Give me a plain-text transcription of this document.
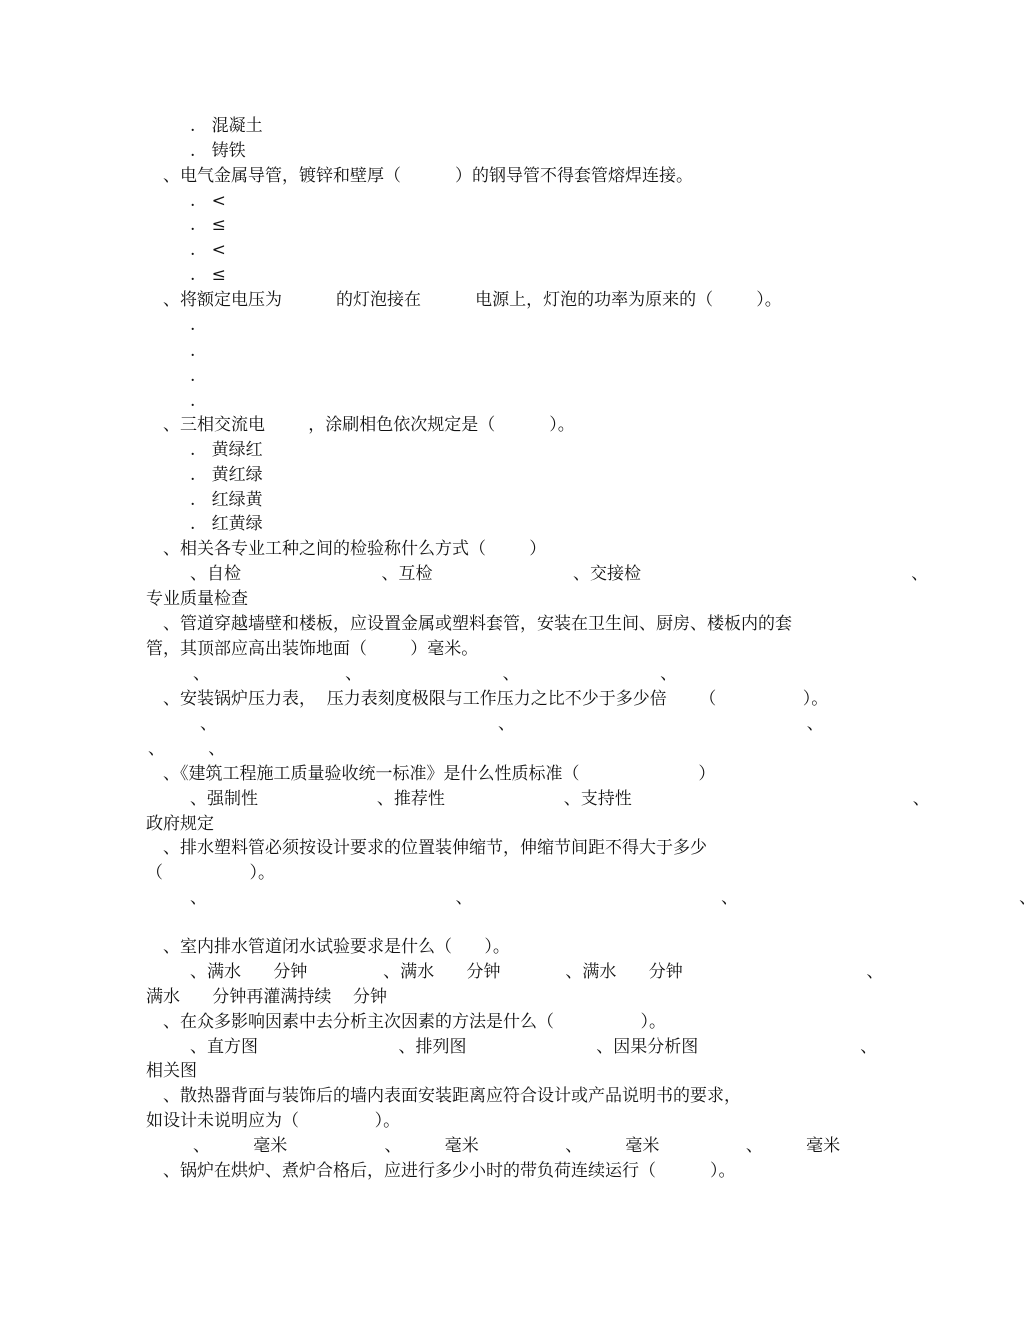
.   混凝土
.   铸铁
、电气金属导管，镀锌和壁厚（          ）的钢导管不得套管熔焊连接。
.   <
.   ≤
.   <
.   ≤
、将额定电压为          的灯泡接在          电源上，灯泡的功率为原来的（        ）。
.
.
.
.
、三相交流电        ，涂刷相色依次规定是（          ）。
.   黄绿红
.   黄红绿
.   红绿黄
.   红黄绿
、相关各专业工种之间的检验称什么方式（        ）
、自检                          、互检                          、交接检                                                  、
专业质量检查
、管道穿越墙壁和楼板，应设置金属或塑料套管，安装在卫生间、厨房、楼板内的套
管，其顶部应高出装饰地面（        ）毫米。
、                         、                          、                          、
、安装锅炉压力表，  压力表刻度极限与工作压力之比不少于多少倍      （                ）。
、                                                    、                                                      、
、        、
、《建筑工程施工质量验收统一标准》是什么性质标准（                      ）
、强制性                      、推荐性                      、支持性                                                    、
政府规定
、排水塑料管必须按设计要求的位置装伸缩节，伸缩节间距不得大于多少
（                ）。
、                                              、                                              、                                                    、
、室内排水管道闭水试验要求是什么（      ）。
、满水      分钟              、满水      分钟            、满水      分钟                                  、
满水      分钟再灌满持续    分钟
、在众多影响因素中去分析主次因素的方法是什么（                ）。
、直方图                          、排列图                        、因果分析图                              、
相关图
、散热器背面与装饰后的墙内表面安装距离应符合设计或产品说明书的要求，
如设计未说明应为（              ）。
、        毫米                  、        毫米                、        毫米                、        毫米
、锅炉在烘炉、煮炉合格后，应进行多少小时的带负荷连续运行（          ）。
